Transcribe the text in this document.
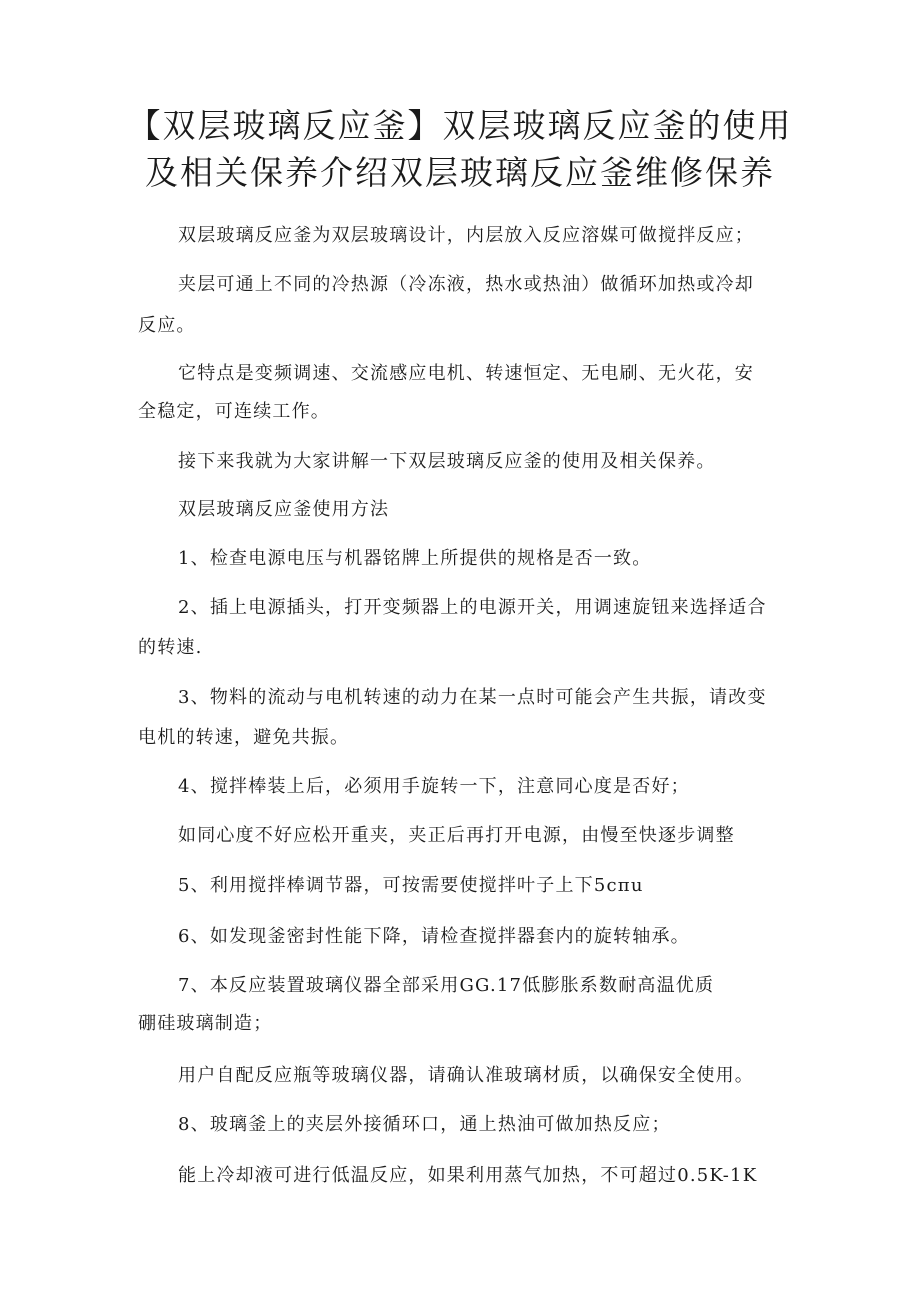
【双层玻璃反应釜】双层玻璃反应釜的使用
及相关保养介绍双层玻璃反应釜维修保养
双层玻璃反应釜为双层玻璃设计，内层放入反应溶媒可做搅拌反应；
夹层可通上不同的冷热源（冷冻液，热水或热油）做循环加热或冷却
反应。
它特点是变频调速、交流感应电机、转速恒定、无电刷、无火花，安
全稳定，可连续工作。
接下来我就为大家讲解一下双层玻璃反应釜的使用及相关保养。
双层玻璃反应釜使用方法
1、检查电源电压与机器铭牌上所提供的规格是否一致。
2、插上电源插头，打开变频器上的电源开关，用调速旋钮来选择适合
的转速.
3、物料的流动与电机转速的动力在某一点时可能会产生共振，请改变
电机的转速，避免共振。
4、搅拌棒装上后，必须用手旋转一下，注意同心度是否好；
如同心度不好应松开重夹，夹正后再打开电源，由慢至快逐步调整
5、利用搅拌棒调节器，可按需要使搅拌叶子上下5cπu
6、如发现釜密封性能下降，请检查搅拌器套内的旋转轴承。
7、本反应装置玻璃仪器全部采用GG.17低膨胀系数耐高温优质
硼硅玻璃制造；
用户自配反应瓶等玻璃仪器，请确认准玻璃材质，以确保安全使用。
8、玻璃釜上的夹层外接循环口，通上热油可做加热反应；
能上冷却液可进行低温反应，如果利用蒸气加热，不可超过0.5K-1K
